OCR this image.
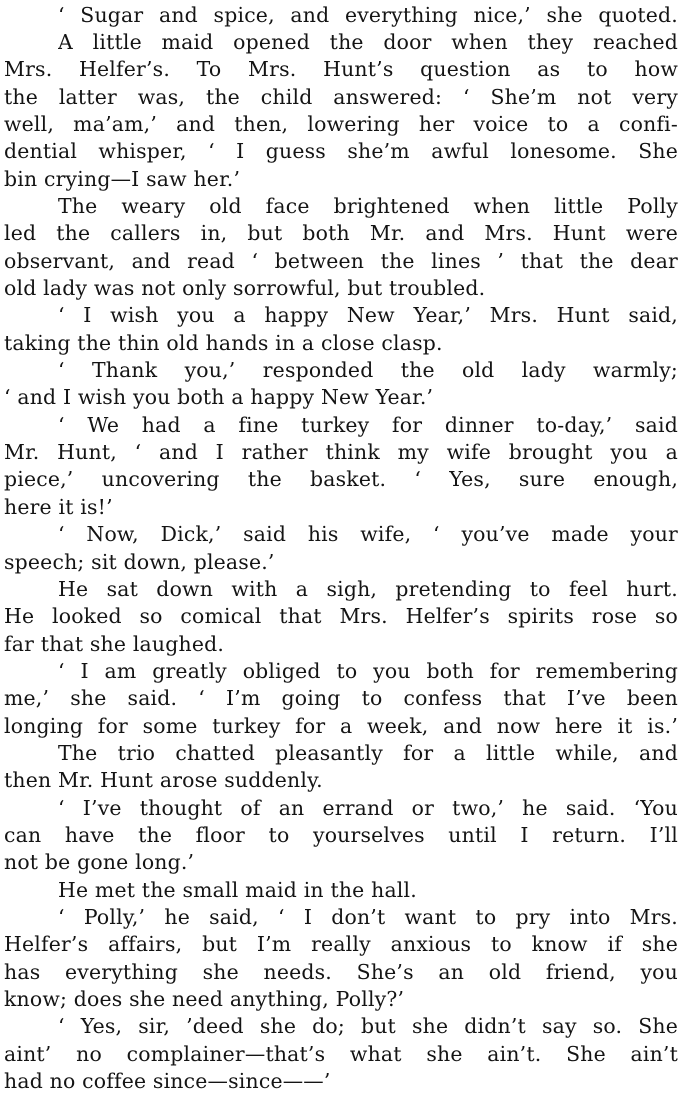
‘ Sugar and spice, and everything nice,’ she quoted.
A little maid opened the door when they reached
Mrs. Helfer’s. To Mrs. Hunt’s question as to how
the latter was, the child answered: ‘ She’m not very
well, ma’am,’ and then, lowering her voice to a confi-
dential whisper, ‘ I guess she’m awful lonesome. She
bin crying—I saw her.’
The weary old face brightened when little Polly
led the callers in, but both Mr. and Mrs. Hunt were
observant, and read ‘ between the lines ’ that the dear
old lady was not only sorrowful, but troubled.
‘ I wish you a happy New Year,’ Mrs. Hunt said,
taking the thin old hands in a close clasp.
‘ Thank you,’ responded the old lady warmly;
‘ and I wish you both a happy New Year.’
‘ We had a fine turkey for dinner to-day,’ said
Mr. Hunt, ‘ and I rather think my wife brought you a
piece,’ uncovering the basket. ‘ Yes, sure enough,
here it is!’
‘ Now, Dick,’ said his wife, ‘ you’ve made your
speech; sit down, please.’
He sat down with a sigh, pretending to feel hurt.
He looked so comical that Mrs. Helfer’s spirits rose so
far that she laughed.
‘ I am greatly obliged to you both for remembering
me,’ she said. ‘ I’m going to confess that I’ve been
longing for some turkey for a week, and now here it is.’
The trio chatted pleasantly for a little while, and
then Mr. Hunt arose suddenly.
‘ I’ve thought of an errand or two,’ he said. ‘You
can have the floor to yourselves until I return. I’ll
not be gone long.’
He met the small maid in the hall.
‘ Polly,’ he said, ‘ I don’t want to pry into Mrs.
Helfer’s affairs, but I’m really anxious to know if she
has everything she needs. She’s an old friend, you
know; does she need anything, Polly?’
‘ Yes, sir, ’deed she do; but she didn’t say so. She
aint’ no complainer—that’s what she ain’t. She ain’t
had no coffee since—since——’
